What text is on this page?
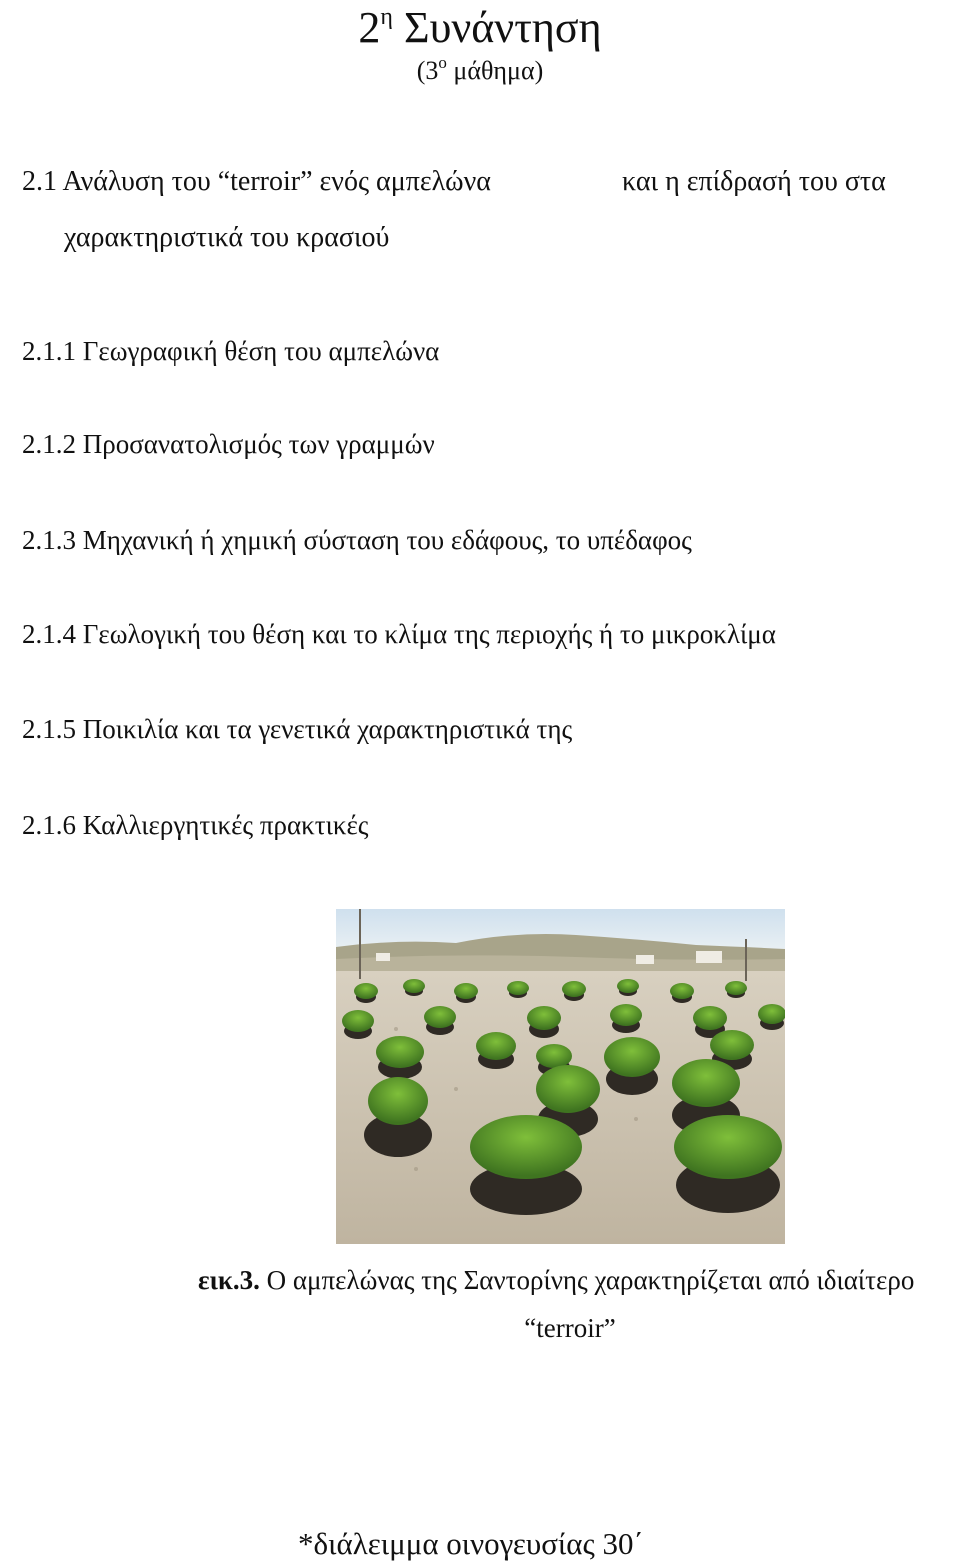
$2^\eta$ Συνάντηση
($3^o$ μάθημα)
2.1 Ανάλυση του “terroir” ενός αμπελώνα	και η επίδρασή του στα
χαρακτηριστικά του κρασιού
2.1.1 Γεωγραφική θέση του αμπελώνα
2.1.2 Προσανατολισμός των γραμμών
2.1.3 Μηχανική ή χημική σύσταση του εδάφους, το υπέδαφος
2.1.4 Γεωλογική του θέση και το κλίμα της περιοχής ή το μικροκλίμα
2.1.5 Ποικιλία και τα γενετικά χαρακτηριστικά της
2.1.6 Καλλιεργητικές πρακτικές
εικ.3. Ο αμπελώνας της Σαντορίνης χαρακτηρίζεται από ιδιαίτερο
“terroir”
*διάλειμμα οινογευσίας 30΄
